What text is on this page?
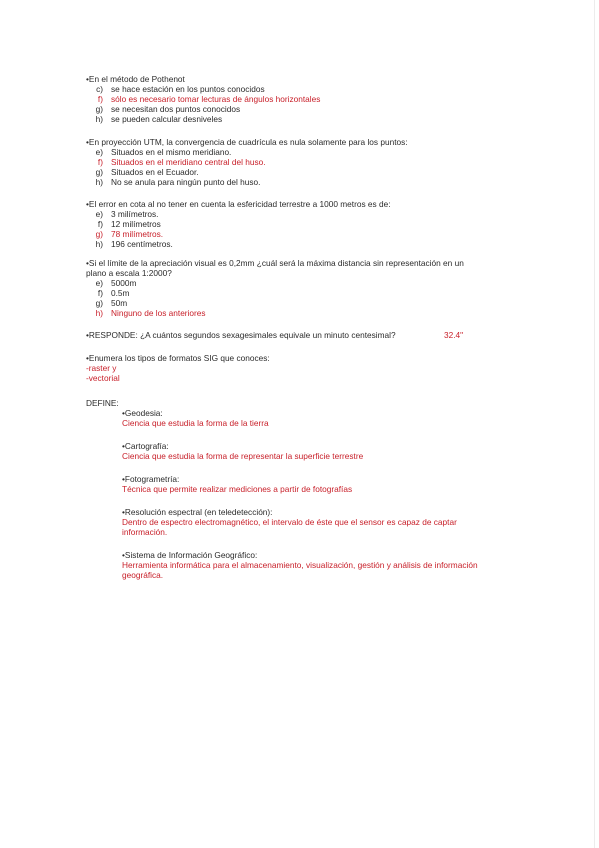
•En el método de Pothenot

c) se hace estación en los puntos conocidos
f) sólo es necesario tomar lecturas de ángulos horizontales
g) se necesitan dos puntos conocidos
h) se pueden calcular desniveles

•En proyección UTM, la convergencia de cuadrícula es nula solamente para los puntos:

e) Situados en el mismo meridiano.
f) Situados en el meridiano central del huso.
g) Situados en el Ecuador.
h) No se anula para ningún punto del huso.

•El error en cota al no tener en cuenta la esfericidad terrestre a 1000 metros es de:

e) 3 milímetros.
f) 12 milímetros
g) 78 milímetros.
h) 196 centímetros.

•Si el límite de la apreciación visual es 0,2mm ¿cuál será la máxima distancia sin representación en un

plano a escala 1:2000?

e) 5000m
f) 0.5m
g) 50m
h) Ninguno de los anteriores

•RESPONDE: ¿A cuántos segundos sexagesimales equivale un minuto centesimal?	32.4"

•Enumera los tipos de formatos SIG que conoces:

-raster y

-vectorial

DEFINE:

•Geodesia:

Ciencia que estudia la forma de la tierra

•Cartografía:

Ciencia que estudia la forma de representar la superficie terrestre

•Fotogrametría:

Técnica que permite realizar mediciones a partir de fotografías

•Resolución espectral (en teledetección):

Dentro de espectro electromagnético, el intervalo de éste que el sensor es capaz de captar

información.

•Sistema de Información Geográfico:

Herramienta informática para el almacenamiento, visualización, gestión y análisis de información

geográfica.
